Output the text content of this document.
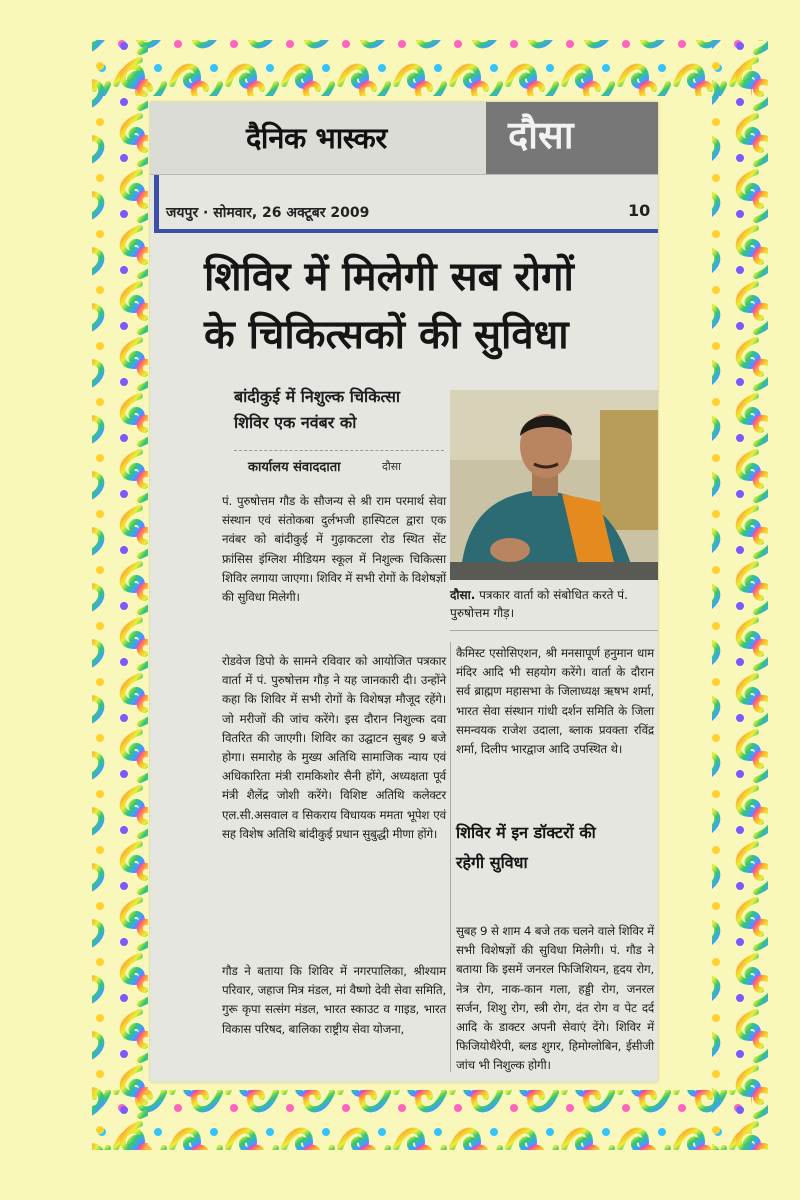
दैनिक भास्कर	दौसा
जयपुर · सोमवार, 26 अक्टूबर 2009	10
शिविर में मिलेगी सब रोगों
के चिकित्सकों की सुविधा
बांदीकुई में निशुल्क चिकित्सा
शिविर एक नवंबर को
कार्यालय संवाददाता	दौसा
दौसा. पत्रकार वार्ता को संबोधित करते पं. पुरुषोत्तम गौड़।

पं. पुरुषोत्तम गौड के सौजन्य से श्री राम परमार्थ सेवा संस्थान एवं संतोकबा दुर्लभजी हास्पिटल द्वारा एक नवंबर को बांदीकुई में गुढ़ाकटला रोड स्थित सेंट फ्रांसिस इंग्लिश मीडियम स्कूल में निशुल्क चिकित्सा शिविर लगाया जाएगा। शिविर में सभी रोगों के विशेषज्ञों की सुविधा मिलेगी।

रोडवेज डिपो के सामने रविवार को आयोजित पत्रकार वार्ता में पं. पुरुषोत्तम गौड़ ने यह जानकारी दी। उन्होंने कहा कि शिविर में सभी रोगों के विशेषज्ञ मौजूद रहेंगे। जो मरीजों की जांच करेंगे। इस दौरान निशुल्क दवा वितरित की जाएगी। शिविर का उद्घाटन सुबह 9 बजे होगा। समारोह के मुख्य अतिथि सामाजिक न्याय एवं अधिकारिता मंत्री रामकिशोर सैनी होंगे, अध्यक्षता पूर्व मंत्री शैलेंद्र जोशी करेंगे। विशिष्ट अतिथि कलेक्टर एल.सी.असवाल व सिकराय विधायक ममता भूपेश एवं सह विशेष अतिथि बांदीकुई प्रधान सुबुद्धी मीणा होंगे।

गौड ने बताया कि शिविर में नगरपालिका, श्रीश्याम परिवार, जहाज मित्र मंडल, मां वैष्णो देवी सेवा समिति, गुरू कृपा सत्संग मंडल, भारत स्काउट व गाइड, भारत विकास परिषद, बालिका राष्ट्रीय सेवा योजना,

कैमिस्ट एसोसिएशन, श्री मनसापूर्ण हनुमान धाम मंदिर आदि भी सहयोग करेंगे। वार्ता के दौरान सर्व ब्राह्मण महासभा के जिलाध्यक्ष ऋषभ शर्मा, भारत सेवा संस्थान गांधी दर्शन समिति के जिला समन्वयक राजेश उदाला, ब्लाक प्रवक्ता रविंद्र शर्मा, दिलीप भारद्वाज आदि उपस्थित थे।

शिविर में इन डॉक्टरों की
रहेगी सुविधा

सुबह 9 से शाम 4 बजे तक चलने वाले शिविर में सभी विशेषज्ञों की सुविधा मिलेगी। पं. गौड ने बताया कि इसमें जनरल फिजिशियन, हृदय रोग, नेत्र रोग, नाक-कान गला, हड्डी रोग, जनरल सर्जन, शिशु रोग, स्त्री रोग, दंत रोग व पेट दर्द आदि के डाक्टर अपनी सेवाएं देंगे। शिविर में फिजियोथैरेपी, ब्लड शुगर, हिमोग्लोबिन, ईसीजी जांच भी निशुल्क होगी।
